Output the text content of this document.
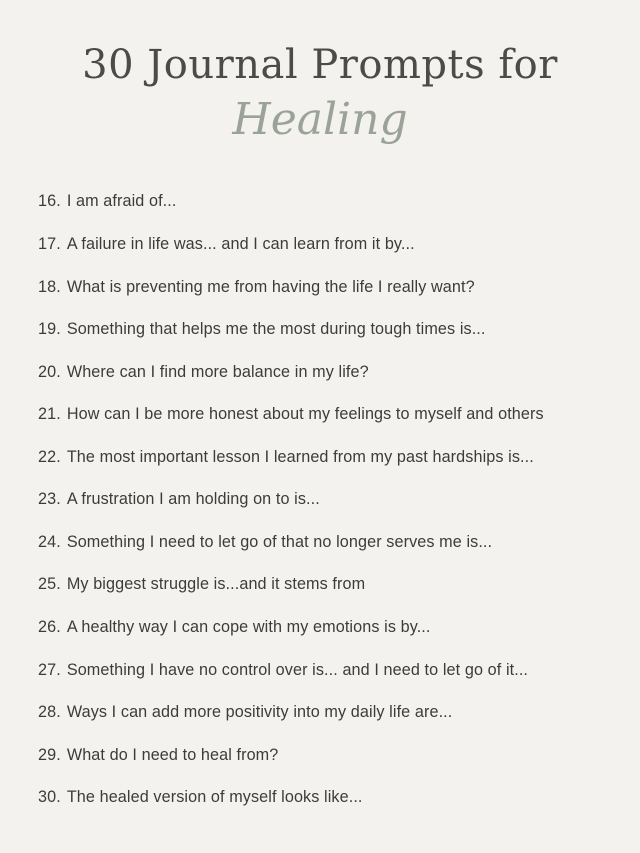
30 Journal Prompts for
Healing
16. I am afraid of...
17. A failure in life was... and I can learn from it by...
18. What is preventing me from having the life I really want?
19. Something that helps me the most during tough times is...
20. Where can I find more balance in my life?
21. How can I be more honest about my feelings to myself and others
22. The most important lesson I learned from my past hardships is...
23. A frustration I am holding on to is...
24. Something I need to let go of that no longer serves me is...
25. My biggest struggle is...and it stems from
26. A healthy way I can cope with my emotions is by...
27. Something I have no control over is... and I need to let go of it...
28. Ways I can add more positivity into my daily life are...
29. What do I need to heal from?
30. The healed version of myself looks like...
